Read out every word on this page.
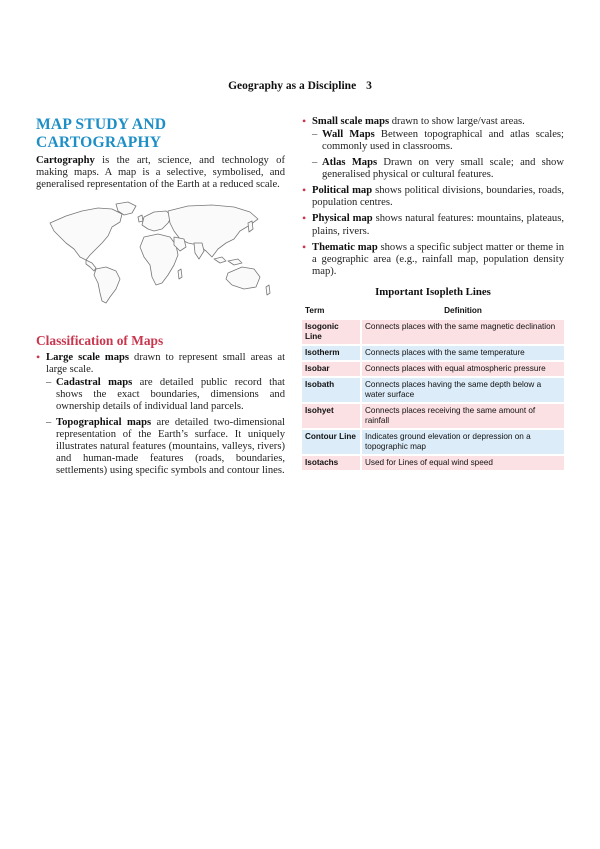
Geography as a Discipline 3
MAP STUDY AND CARTOGRAPHY

Cartography is the art, science, and technology of making maps. A map is a selective, symbolised, and generalised representation of the Earth at a reduced scale.

Classification of Maps
• Large scale maps drawn to represent small areas at large scale.
– Cadastral maps are detailed public record that shows the exact boundaries, dimensions and ownership details of individual land parcels.
– Topographical maps are detailed two-dimensional representation of the Earth’s surface. It uniquely illustrates natural features (mountains, valleys, rivers) and human-made features (roads, boundaries, settlements) using specific symbols and contour lines.
• Small scale maps drawn to show large/vast areas.
– Wall Maps Between topographical and atlas scales; commonly used in classrooms.
– Atlas Maps Drawn on very small scale; and show generalised physical or cultural features.
• Political map shows political divisions, boundaries, roads, population centres.
• Physical map shows natural features: mountains, plateaus, plains, rivers.
• Thematic map shows a specific subject matter or theme in a geographic area (e.g., rainfall map, population density map).
Important Isopleth Lines
Term	Definition
Isogonic Line	Connects places with the same magnetic declination
Isotherm	Connects places with the same temperature
Isobar	Connects places with equal atmospheric pressure
Isobath	Connects places having the same depth below a water surface
Isohyet	Connects places receiving the same amount of rainfall
Contour Line	Indicates ground elevation or depression on a topographic map
Isotachs	Used for Lines of equal wind speed
